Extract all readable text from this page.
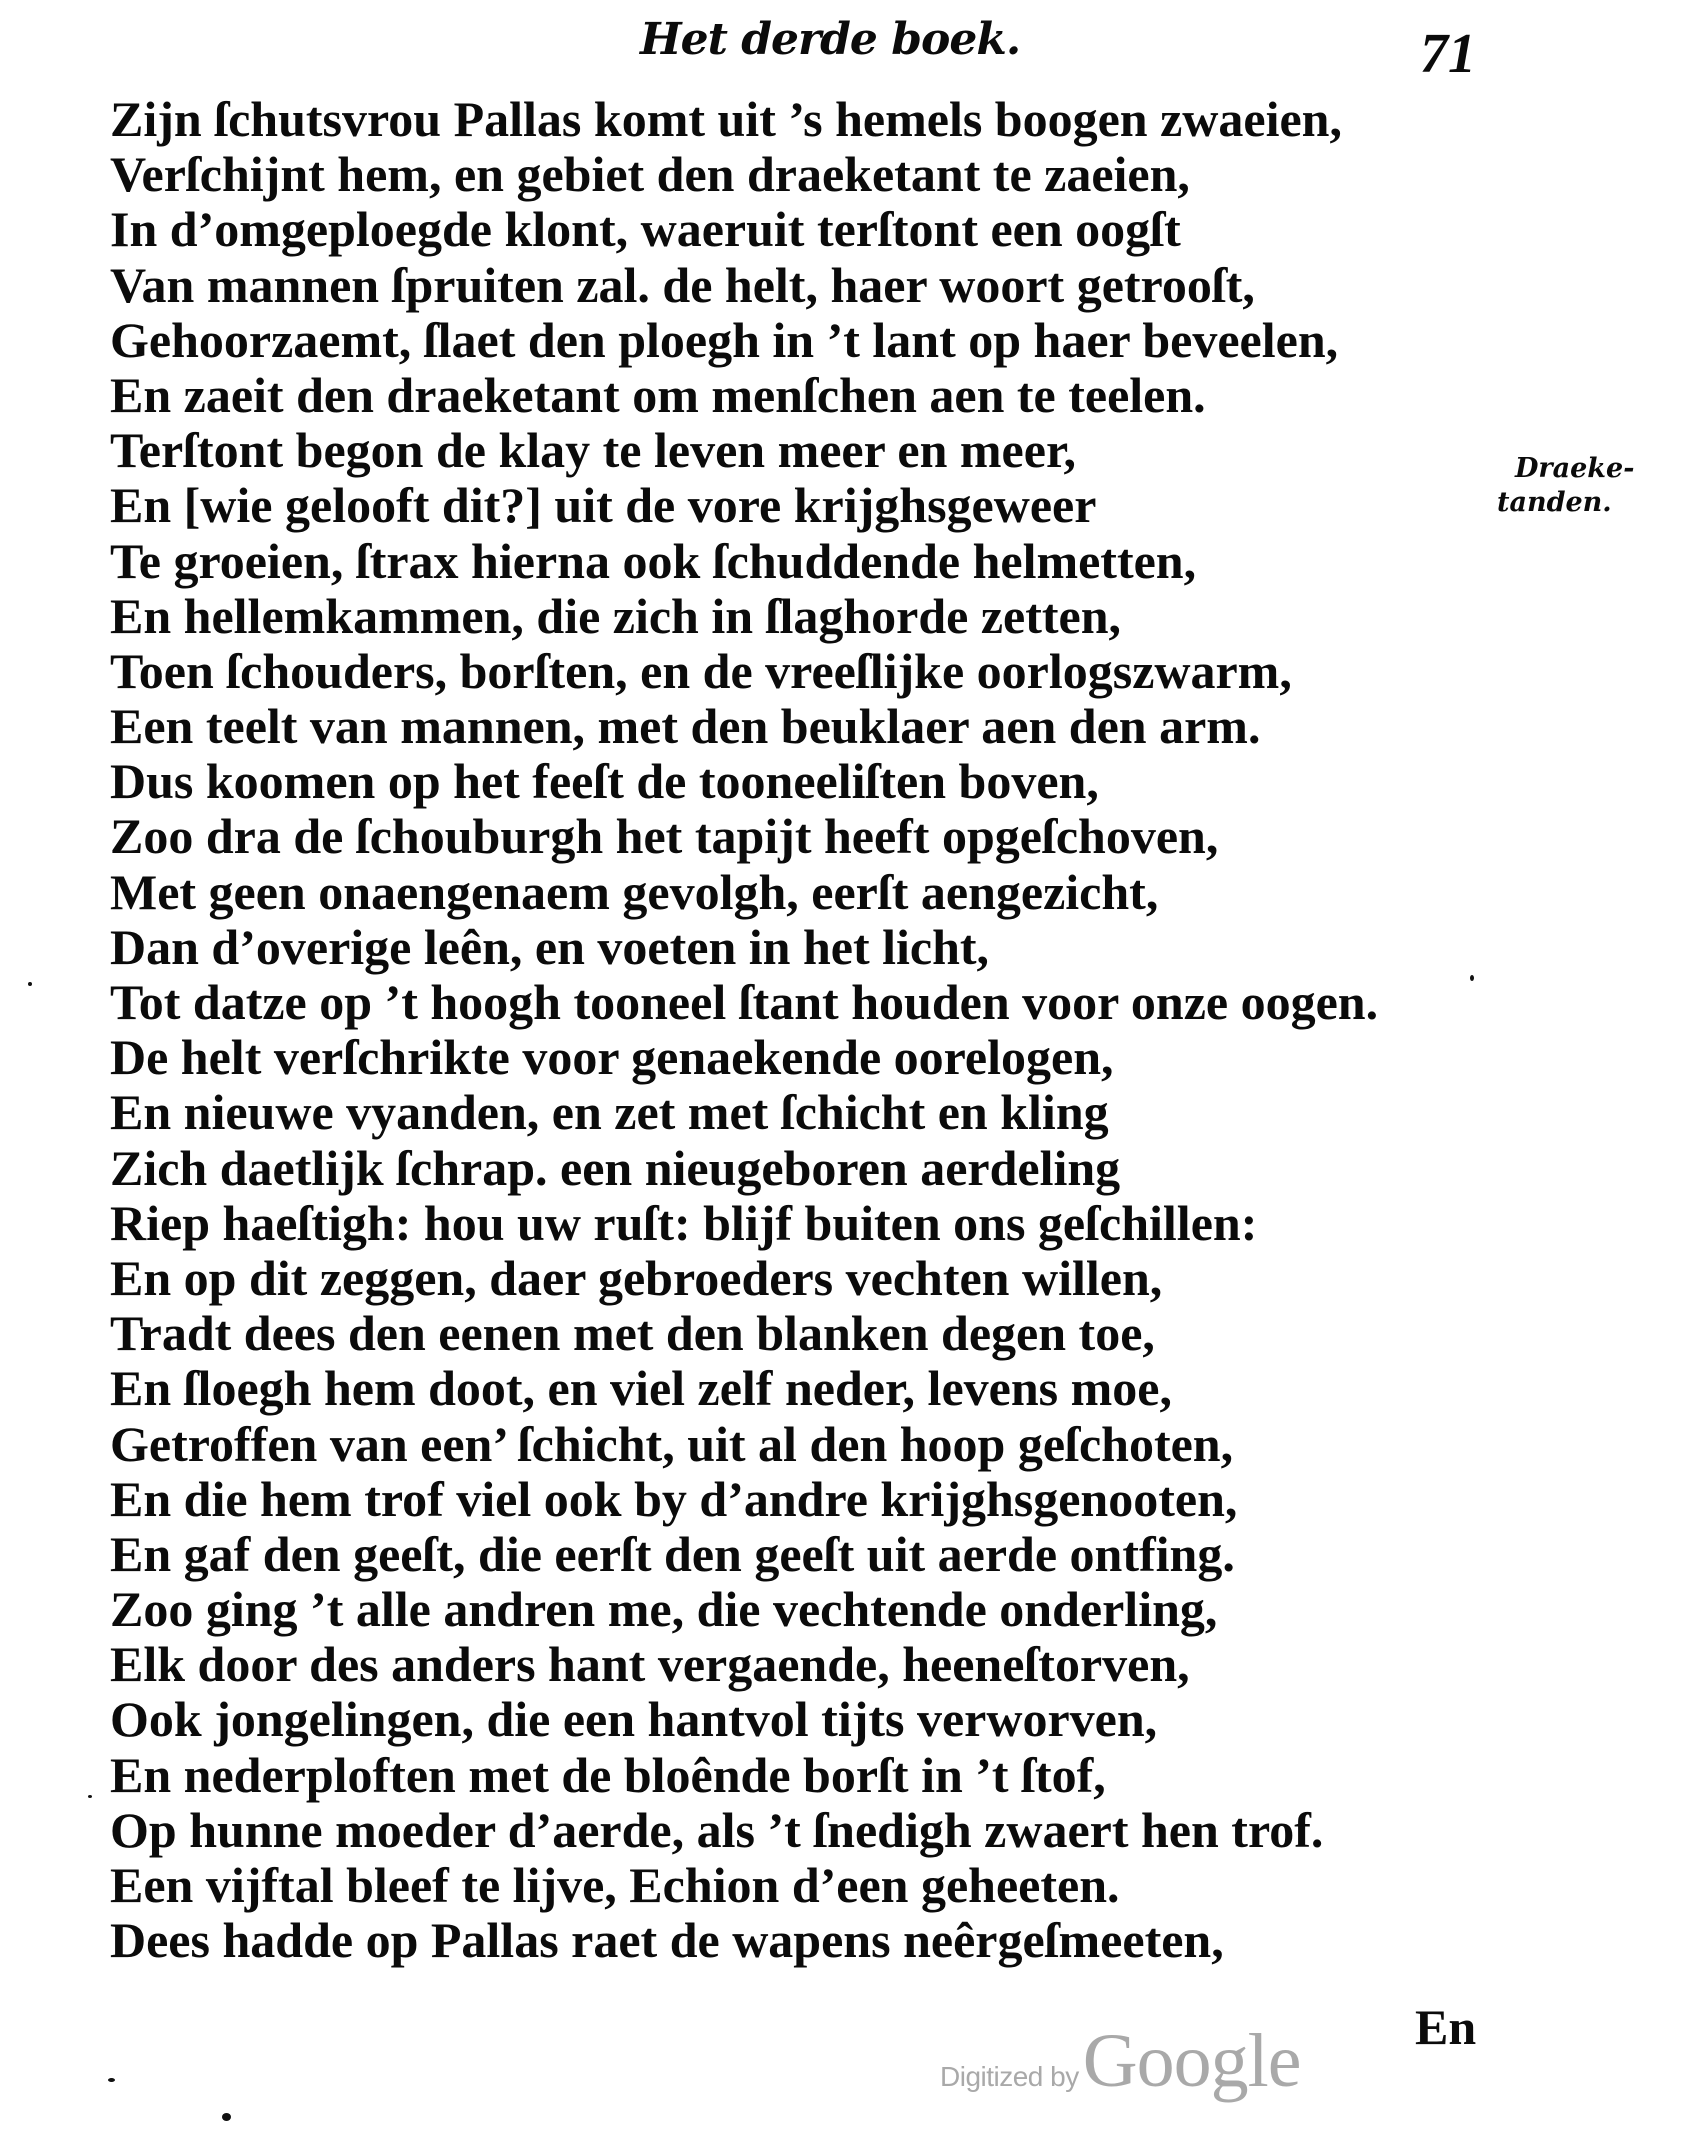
Het derde boek.	71
Zijn ſchutsvrou Pallas komt uit ’s hemels boogen zwaeien,
Verſchijnt hem, en gebiet den draeketant te zaeien,
In d’omgeploegde klont, waeruit terſtont een oogſt
Van mannen ſpruiten zal. de helt, haer woort getrooſt,
Gehoorzaemt, ſlaet den ploegh in ’t lant op haer beveelen,
En zaeit den draeketant om menſchen aen te teelen.
Terſtont begon de klay te leven meer en meer,
En [wie gelooft dit?] uit de vore krijghsgeweer
Te groeien, ſtrax hierna ook ſchuddende helmetten,
En hellemkammen, die zich in ſlaghorde zetten,
Toen ſchouders, borſten, en de vreeſlijke oorlogszwarm,
Een teelt van mannen, met den beuklaer aen den arm.
Dus koomen op het feeſt de tooneeliſten boven,
Zoo dra de ſchouburgh het tapijt heeft opgeſchoven,
Met geen onaengenaem gevolgh, eerſt aengezicht,
Dan d’overige leên, en voeten in het licht,
Tot datze op ’t hoogh tooneel ſtant houden voor onze oogen.
De helt verſchrikte voor genaekende oorelogen,
En nieuwe vyanden, en zet met ſchicht en kling
Zich daetlijk ſchrap. een nieugeboren aerdeling
Riep haeſtigh: hou uw ruſt: blijf buiten ons geſchillen:
En op dit zeggen, daer gebroeders vechten willen,
Tradt dees den eenen met den blanken degen toe,
En ſloegh hem doot, en viel zelf neder, levens moe,
Getroffen van een’ ſchicht, uit al den hoop geſchoten,
En die hem trof viel ook by d’andre krijghsgenooten,
En gaf den geeſt, die eerſt den geeſt uit aerde ontfing.
Zoo ging ’t alle andren me, die vechtende onderling,
Elk door des anders hant vergaende, heeneſtorven,
Ook jongelingen, die een hantvol tijts verworven,
En nederploften met de bloênde borſt in ’t ſtof,
Op hunne moeder d’aerde, als ’t ſnedigh zwaert hen trof.
Een vijftal bleef te lijve, Echion d’een geheeten.
Dees hadde op Pallas raet de wapens neêrgeſmeeten,
Draeke-
tanden.
En
Digitized byGoogle
